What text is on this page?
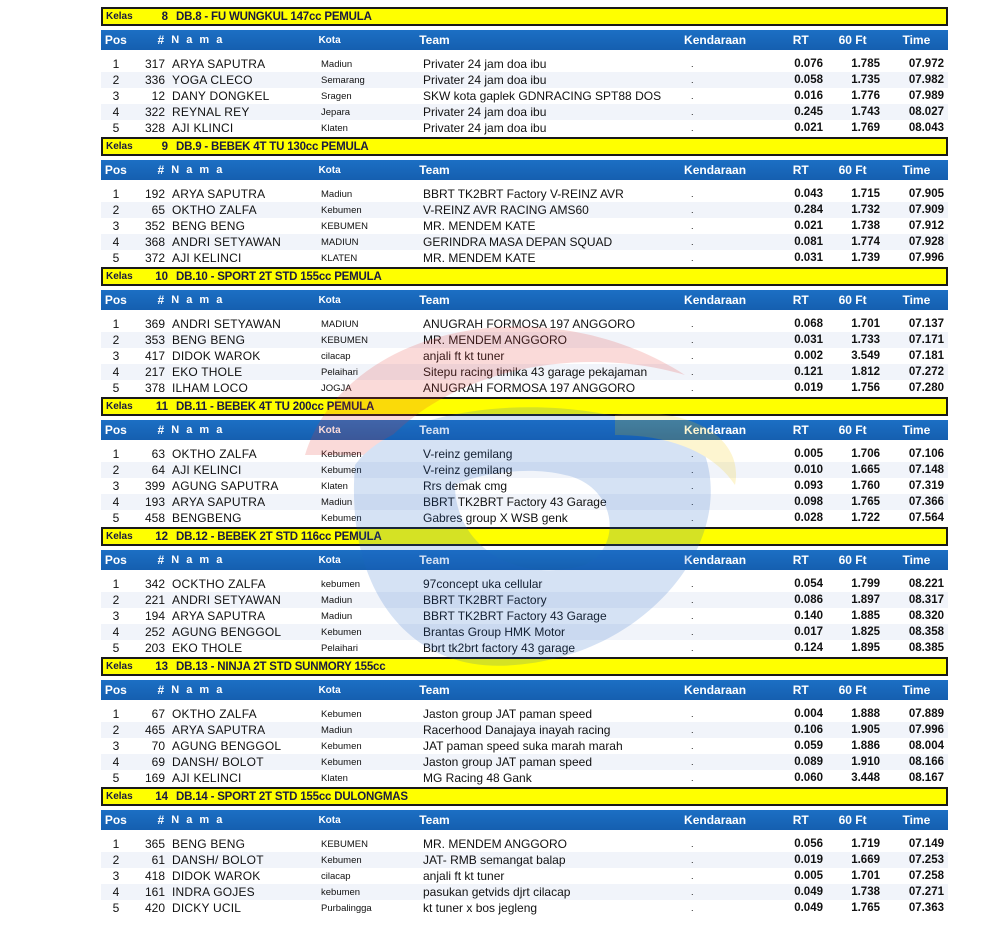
Kelas	8 DB.8 - FU WUNGKUL 147cc PEMULA
Pos	# N a m a	Kota	Team	Kendaraan	RT	60 Ft	Time
1	317 ARYA SAPUTRA	Madiun	Privater 24 jam doa ibu	.	0.076	1.785	07.972
2	336 YOGA CLECO	Semarang	Privater 24 jam doa ibu	.	0.058	1.735	07.982
3	12 DANY DONGKEL	Sragen	SKW kota gaplek GDNRACING SPT88 DOS	.	0.016	1.776	07.989
4	322 REYNAL REY	Jepara	Privater 24 jam doa ibu	.	0.245	1.743	08.027
5	328 AJI KLINCI	Klaten	Privater 24 jam doa ibu	.	0.021	1.769	08.043
Kelas	9 DB.9 - BEBEK 4T TU 130cc PEMULA
Pos	# N a m a	Kota	Team	Kendaraan	RT	60 Ft	Time
1	192 ARYA SAPUTRA	Madiun	BBRT TK2BRT Factory V-REINZ AVR	.	0.043	1.715	07.905
2	65 OKTHO ZALFA	Kebumen	V-REINZ AVR RACING AMS60	.	0.284	1.732	07.909
3	352 BENG BENG	KEBUMEN	MR. MENDEM KATE	.	0.021	1.738	07.912
4	368 ANDRI SETYAWAN	MADIUN	GERINDRA MASA DEPAN SQUAD	.	0.081	1.774	07.928
5	372 AJI KELINCI	KLATEN	MR. MENDEM KATE	.	0.031	1.739	07.996
Kelas	10 DB.10 - SPORT 2T STD 155cc PEMULA
Pos	# N a m a	Kota	Team	Kendaraan	RT	60 Ft	Time
1	369 ANDRI SETYAWAN	MADIUN	ANUGRAH FORMOSA 197 ANGGORO	.	0.068	1.701	07.137
2	353 BENG BENG	KEBUMEN	MR. MENDEM ANGGORO	.	0.031	1.733	07.171
3	417 DIDOK WAROK	cilacap	anjali ft kt tuner	.	0.002	3.549	07.181
4	217 EKO THOLE	Pelaihari	Sitepu racing timika 43 garage pekajaman	.	0.121	1.812	07.272
5	378 ILHAM LOCO	JOGJA	ANUGRAH FORMOSA 197 ANGGORO	.	0.019	1.756	07.280
Kelas	11 DB.11 - BEBEK 4T TU 200cc PEMULA
Pos	# N a m a	Kota	Team	Kendaraan	RT	60 Ft	Time
1	63 OKTHO ZALFA	Kebumen	V-reinz gemilang	.	0.005	1.706	07.106
2	64 AJI KELINCI	Kebumen	V-reinz gemilang	.	0.010	1.665	07.148
3	399 AGUNG SAPUTRA	Klaten	Rrs demak cmg	.	0.093	1.760	07.319
4	193 ARYA SAPUTRA	Madiun	BBRT TK2BRT Factory 43 Garage	.	0.098	1.765	07.366
5	458 BENGBENG	Kebumen	Gabres group X WSB genk	.	0.028	1.722	07.564
Kelas	12 DB.12 - BEBEK 2T STD 116cc PEMULA
Pos	# N a m a	Kota	Team	Kendaraan	RT	60 Ft	Time
1	342 OCKTHO ZALFA	kebumen	97concept uka cellular	.	0.054	1.799	08.221
2	221 ANDRI SETYAWAN	Madiun	BBRT TK2BRT Factory	.	0.086	1.897	08.317
3	194 ARYA SAPUTRA	Madiun	BBRT TK2BRT Factory 43 Garage	.	0.140	1.885	08.320
4	252 AGUNG BENGGOL	Kebumen	Brantas Group HMK Motor	.	0.017	1.825	08.358
5	203 EKO THOLE	Pelaihari	Bbrt tk2brt factory 43 garage	.	0.124	1.895	08.385
Kelas	13 DB.13 - NINJA 2T STD SUNMORY 155cc
Pos	# N a m a	Kota	Team	Kendaraan	RT	60 Ft	Time
1	67 OKTHO ZALFA	Kebumen	Jaston group JAT paman speed	.	0.004	1.888	07.889
2	465 ARYA SAPUTRA	Madiun	Racerhood Danajaya inayah racing	.	0.106	1.905	07.996
3	70 AGUNG BENGGOL	Kebumen	JAT paman speed suka marah marah	.	0.059	1.886	08.004
4	69 DANSH/ BOLOT	Kebumen	Jaston group JAT paman speed	.	0.089	1.910	08.166
5	169 AJI KELINCI	Klaten	MG Racing 48 Gank	.	0.060	3.448	08.167
Kelas	14 DB.14 - SPORT 2T STD 155cc DULONGMAS
Pos	# N a m a	Kota	Team	Kendaraan	RT	60 Ft	Time
1	365 BENG BENG	KEBUMEN	MR. MENDEM ANGGORO	.	0.056	1.719	07.149
2	61 DANSH/ BOLOT	Kebumen	JAT- RMB semangat balap	.	0.019	1.669	07.253
3	418 DIDOK WAROK	cilacap	anjali ft kt tuner	.	0.005	1.701	07.258
4	161 INDRA GOJES	kebumen	pasukan getvids djrt cilacap	.	0.049	1.738	07.271
5	420 DICKY UCIL	Purbalingga	kt tuner x bos jegleng	.	0.049	1.765	07.363
